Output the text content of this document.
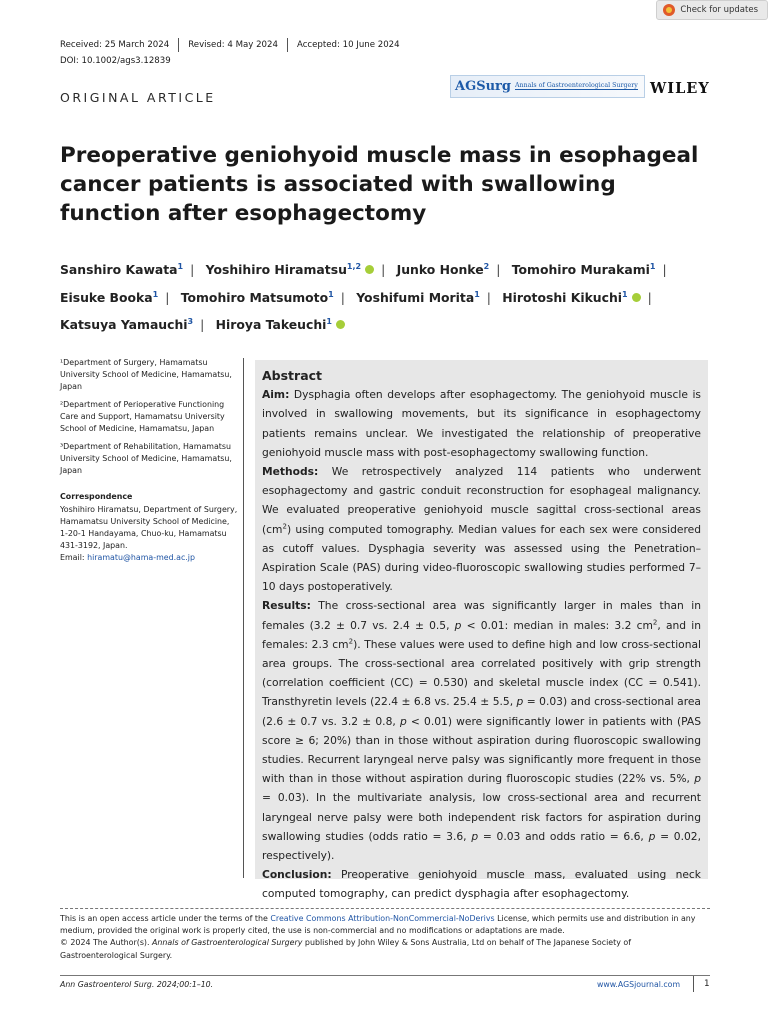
Check for updates
Received: 25 March 2024 Revised: 4 May 2024 Accepted: 10 June 2024
DOI: 10.1002/ags3.12839
ORIGINAL ARTICLE
AGSurg Annals of Gastroenterological Surgery WILEY
Preoperative geniohyoid muscle mass in esophageal cancer patients is associated with swallowing function after esophagectomy
Sanshiro Kawata$^1$ | Yoshihiro Hiramatsu$^{1,2}$ | Junko Honke$^2$ | Tomohiro Murakami$^1$ |
Eisuke Booka$^1$ | Tomohiro Matsumoto$^1$ | Yoshifumi Morita$^1$ | Hirotoshi Kikuchi$^1$ |
Katsuya Yamauchi$^3$ | Hiroya Takeuchi$^1$

¹Department of Surgery, Hamamatsu University School of Medicine, Hamamatsu, Japan

²Department of Perioperative Functioning Care and Support, Hamamatsu University School of Medicine, Hamamatsu, Japan

³Department of Rehabilitation, Hamamatsu University School of Medicine, Hamamatsu, Japan

Correspondence

Yoshihiro Hiramatsu, Department of Surgery, Hamamatsu University School of Medicine, 1-20-1 Handayama, Chuo-ku, Hamamatsu 431-3192, Japan.
Email: hiramatu@hama-med.ac.jp

Abstract

Aim: Dysphagia often develops after esophagectomy. The geniohyoid muscle is involved in swallowing movements, but its significance in esophagectomy patients remains unclear. We investigated the relationship of preoperative geniohyoid muscle mass with post-esophagectomy swallowing function.

Methods: We retrospectively analyzed 114 patients who underwent esophagectomy and gastric conduit reconstruction for esophageal malignancy. We evaluated preoperative geniohyoid muscle sagittal cross-sectional areas $(cm^2)$ using computed tomography. Median values for each sex were considered as cutoff values. Dysphagia severity was assessed using the Penetration–Aspiration Scale (PAS) during video-fluoroscopic swallowing studies performed 7–10 days postoperatively.

Results: The cross-sectional area was significantly larger in males than in females (3.2 ± 0.7 vs. 2.4 ± 0.5, p < 0.01: median in males: 3.2 $cm^2$, and in females: 2.3 $cm^2$). These values were used to define high and low cross-sectional area groups. The cross-sectional area correlated positively with grip strength (correlation coefficient (CC) = 0.530) and skeletal muscle index (CC = 0.541). Transthyretin levels (22.4 ± 6.8 vs. 25.4 ± 5.5, p = 0.03) and cross-sectional area (2.6 ± 0.7 vs. 3.2 ± 0.8, p < 0.01) were significantly lower in patients with (PAS score ≥ 6; 20%) than in those without aspiration during fluoroscopic swallowing studies. Recurrent laryngeal nerve palsy was significantly more frequent in those with than in those without aspiration during fluoroscopic studies (22% vs. 5%, p = 0.03). In the multivariate analysis, low cross-sectional area and recurrent laryngeal nerve palsy were both independent risk factors for aspiration during swallowing studies (odds ratio = 3.6, p = 0.03 and odds ratio = 6.6, p = 0.02, respectively).

Conclusion: Preoperative geniohyoid muscle mass, evaluated using neck computed tomography, can predict dysphagia after esophagectomy.

This is an open access article under the terms of the Creative Commons Attribution-NonCommercial-NoDerivs License, which permits use and distribution in any medium, provided the original work is properly cited, the use is non-commercial and no modifications or adaptations are made.

© 2024 The Author(s). Annals of Gastroenterological Surgery published by John Wiley & Sons Australia, Ltd on behalf of The Japanese Society of Gastroenterological Surgery.

Ann Gastroenterol Surg. 2024;00:1–10.	www.AGSjournal.com	1
